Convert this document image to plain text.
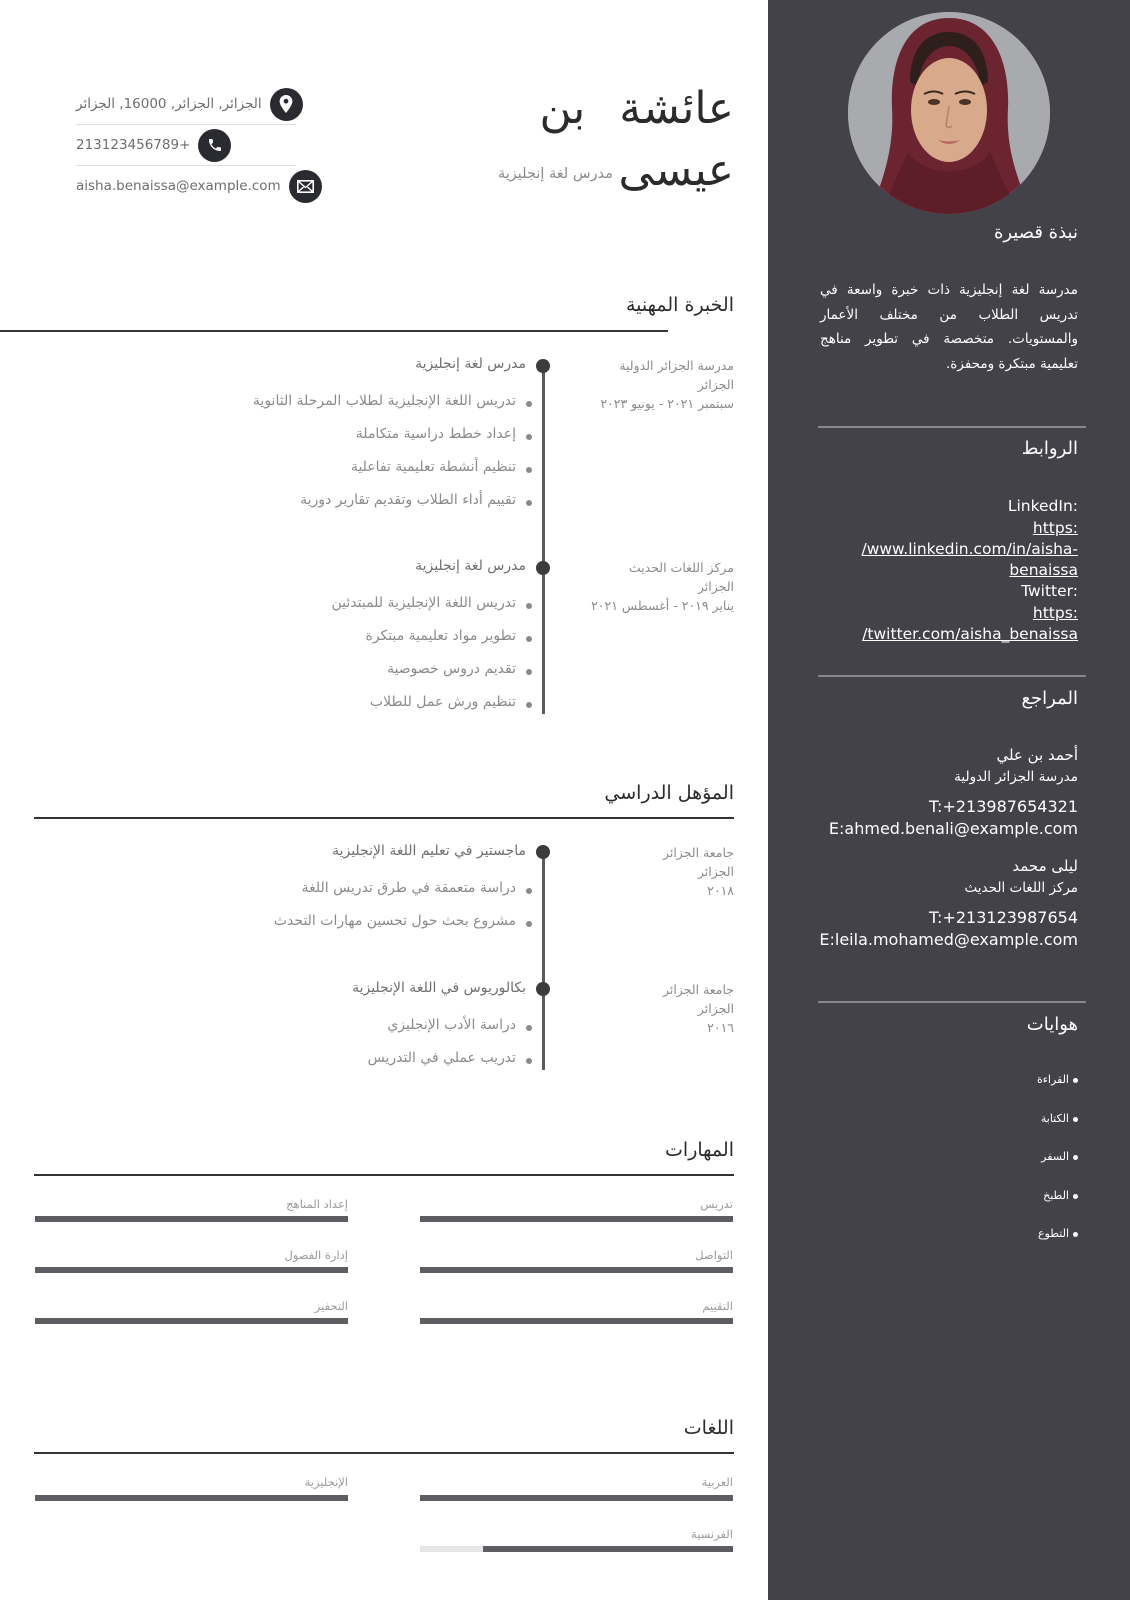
عائشة بن عيسى
مدرس لغة إنجليزية
الجزائر, الجزائر, 16000, الجزائر
213123456789+
aisha.benaissa@example.com
الخبرة المهنية
مدرس لغة إنجليزية	مدرسة الجزائر الدولية
الجزائر
سبتمبر ٢٠٢١ - يونيو ٢٠٢٣
تدريس اللغة الإنجليزية لطلاب المرحلة الثانوية
إعداد خطط دراسية متكاملة
تنظيم أنشطة تعليمية تفاعلية
تقييم أداء الطلاب وتقديم تقارير دورية
مدرس لغة إنجليزية	مركز اللغات الحديث
الجزائر
يناير ٢٠١٩ - أغسطس ٢٠٢١
تدريس اللغة الإنجليزية للمبتدئين
تطوير مواد تعليمية مبتكرة
تقديم دروس خصوصية
تنظيم ورش عمل للطلاب
المؤهل الدراسي
ماجستير في تعليم اللغة الإنجليزية	جامعة الجزائر
الجزائر
٢٠١٨
دراسة متعمقة في طرق تدريس اللغة
مشروع بحث حول تحسين مهارات التحدث
بكالوريوس في اللغة الإنجليزية	جامعة الجزائر
الجزائر
٢٠١٦
دراسة الأدب الإنجليزي
تدريب عملي في التدريس
المهارات
تدريس
إعداد المناهج
التواصل
إدارة الفصول
التقييم
التحفيز
اللغات
العربية
الإنجليزية
الفرنسية
نبذة قصيرة
مدرسة لغة إنجليزية ذات خبرة واسعة في تدريس الطلاب من مختلف الأعمار والمستويات. متخصصة في تطوير مناهج تعليمية مبتكرة ومحفزة.
الروابط
LinkedIn:
https: /www.linkedin.com/in/aisha-benaissa
Twitter:
https: /twitter.com/aisha_benaissa
المراجع
أحمد بن علي
مدرسة الجزائر الدولية
T:+213987654321
E:ahmed.benali@example.com
ليلى محمد
مركز اللغات الحديث
T:+213123987654
E:leila.mohamed@example.com
هوايات
القراءة
الكتابة
السفر
الطبخ
التطوع
